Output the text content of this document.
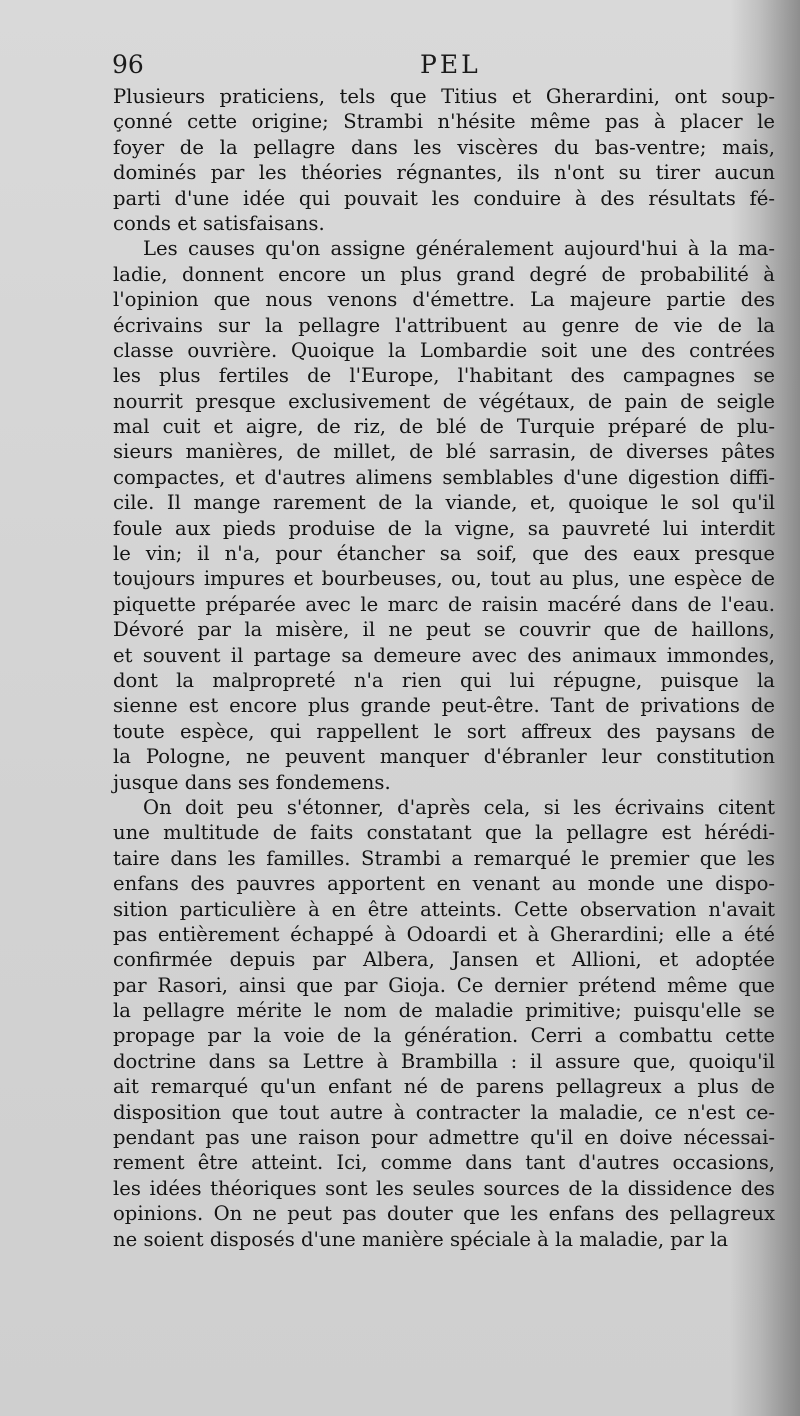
96	PEL
Plusieurs praticiens, tels que Titius et Gherardini, ont soup-
çonné cette origine; Strambi n'hésite même pas à placer le
foyer de la pellagre dans les viscères du bas-ventre; mais,
dominés par les théories régnantes, ils n'ont su tirer aucun
parti d'une idée qui pouvait les conduire à des résultats fé-
conds et satisfaisans.
Les causes qu'on assigne généralement aujourd'hui à la ma-
ladie, donnent encore un plus grand degré de probabilité à
l'opinion que nous venons d'émettre. La majeure partie des
écrivains sur la pellagre l'attribuent au genre de vie de la
classe ouvrière. Quoique la Lombardie soit une des contrées
les plus fertiles de l'Europe, l'habitant des campagnes se
nourrit presque exclusivement de végétaux, de pain de seigle
mal cuit et aigre, de riz, de blé de Turquie préparé de plu-
sieurs manières, de millet, de blé sarrasin, de diverses pâtes
compactes, et d'autres alimens semblables d'une digestion diffi-
cile. Il mange rarement de la viande, et, quoique le sol qu'il
foule aux pieds produise de la vigne, sa pauvreté lui interdit
le vin; il n'a, pour étancher sa soif, que des eaux presque
toujours impures et bourbeuses, ou, tout au plus, une espèce de
piquette préparée avec le marc de raisin macéré dans de l'eau.
Dévoré par la misère, il ne peut se couvrir que de haillons,
et souvent il partage sa demeure avec des animaux immondes,
dont la malpropreté n'a rien qui lui répugne, puisque la
sienne est encore plus grande peut-être. Tant de privations de
toute espèce, qui rappellent le sort affreux des paysans de
la Pologne, ne peuvent manquer d'ébranler leur constitution
jusque dans ses fondemens.
On doit peu s'étonner, d'après cela, si les écrivains citent
une multitude de faits constatant que la pellagre est hérédi-
taire dans les familles. Strambi a remarqué le premier que les
enfans des pauvres apportent en venant au monde une dispo-
sition particulière à en être atteints. Cette observation n'avait
pas entièrement échappé à Odoardi et à Gherardini; elle a été
confirmée depuis par Albera, Jansen et Allioni, et adoptée
par Rasori, ainsi que par Gioja. Ce dernier prétend même que
la pellagre mérite le nom de maladie primitive; puisqu'elle se
propage par la voie de la génération. Cerri a combattu cette
doctrine dans sa Lettre à Brambilla : il assure que, quoiqu'il
ait remarqué qu'un enfant né de parens pellagreux a plus de
disposition que tout autre à contracter la maladie, ce n'est ce-
pendant pas une raison pour admettre qu'il en doive nécessai-
rement être atteint. Ici, comme dans tant d'autres occasions,
les idées théoriques sont les seules sources de la dissidence des
opinions. On ne peut pas douter que les enfans des pellagreux
ne soient disposés d'une manière spéciale à la maladie, par la
